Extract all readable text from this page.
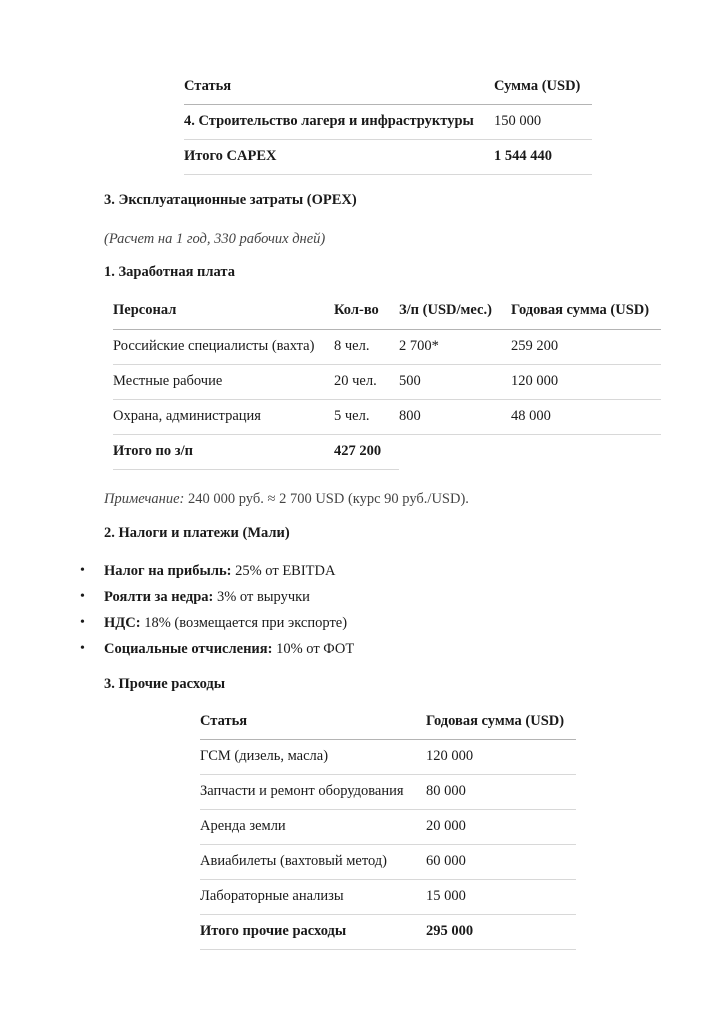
Статья	Сумма (USD)
4. Строительство лагеря и инфраструктуры	150 000
Итого CAPEX	1 544 440
3. Эксплуатационные затраты (OPEX)
(Расчет на 1 год, 330 рабочих дней)
1. Заработная плата
Персонал	Кол-во	З/п (USD/мес.)	Годовая сумма (USD)
Российские специалисты (вахта)	8 чел.	2 700*	259 200
Местные рабочие	20 чел.	500	120 000
Охрана, администрация	5 чел.	800	48 000
Итого по з/п	427 200		
Примечание: 240 000 руб. ≈ 2 700 USD (курс 90 руб./USD).
2. Налоги и платежи (Мали)
• Налог на прибыль: 25% от EBITDA
• Роялти за недра: 3% от выручки
• НДС: 18% (возмещается при экспорте)
• Социальные отчисления: 10% от ФОТ
3. Прочие расходы
Статья	Годовая сумма (USD)
ГСМ (дизель, масла)	120 000
Запчасти и ремонт оборудования	80 000
Аренда земли	20 000
Авиабилеты (вахтовый метод)	60 000
Лабораторные анализы	15 000
Итого прочие расходы	295 000
